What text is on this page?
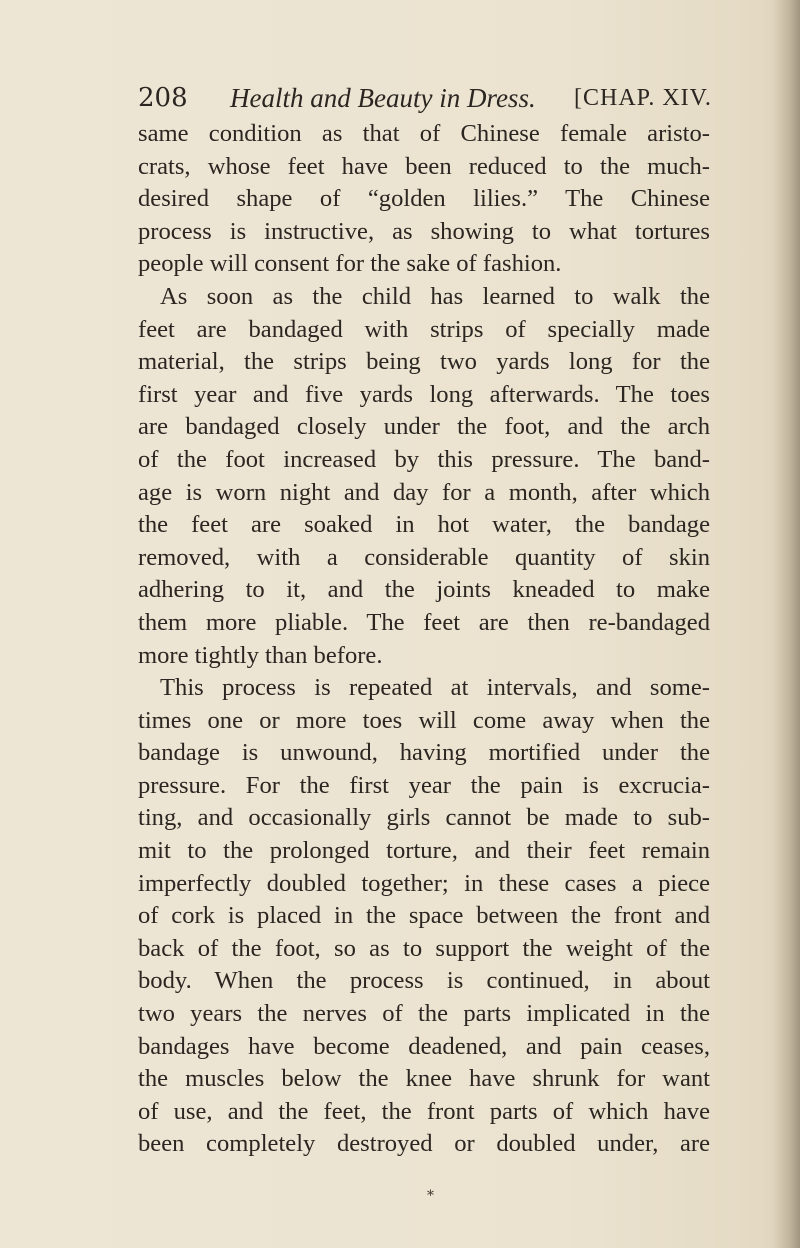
208 Health and Beauty in Dress. [CHAP. XIV.
same condition as that of Chinese female aristo-
crats, whose feet have been reduced to the much-
desired shape of “golden lilies.” The Chinese
process is instructive, as showing to what tortures
people will consent for the sake of fashion.
As soon as the child has learned to walk the
feet are bandaged with strips of specially made
material, the strips being two yards long for the
first year and five yards long afterwards. The toes
are bandaged closely under the foot, and the arch
of the foot increased by this pressure. The band-
age is worn night and day for a month, after which
the feet are soaked in hot water, the bandage
removed, with a considerable quantity of skin
adhering to it, and the joints kneaded to make
them more pliable. The feet are then re-bandaged
more tightly than before.
This process is repeated at intervals, and some-
times one or more toes will come away when the
bandage is unwound, having mortified under the
pressure. For the first year the pain is excrucia-
ting, and occasionally girls cannot be made to sub-
mit to the prolonged torture, and their feet remain
imperfectly doubled together; in these cases a piece
of cork is placed in the space between the front and
back of the foot, so as to support the weight of the
body. When the process is continued, in about
two years the nerves of the parts implicated in the
bandages have become deadened, and pain ceases,
the muscles below the knee have shrunk for want
of use, and the feet, the front parts of which have
been completely destroyed or doubled under, are
*
